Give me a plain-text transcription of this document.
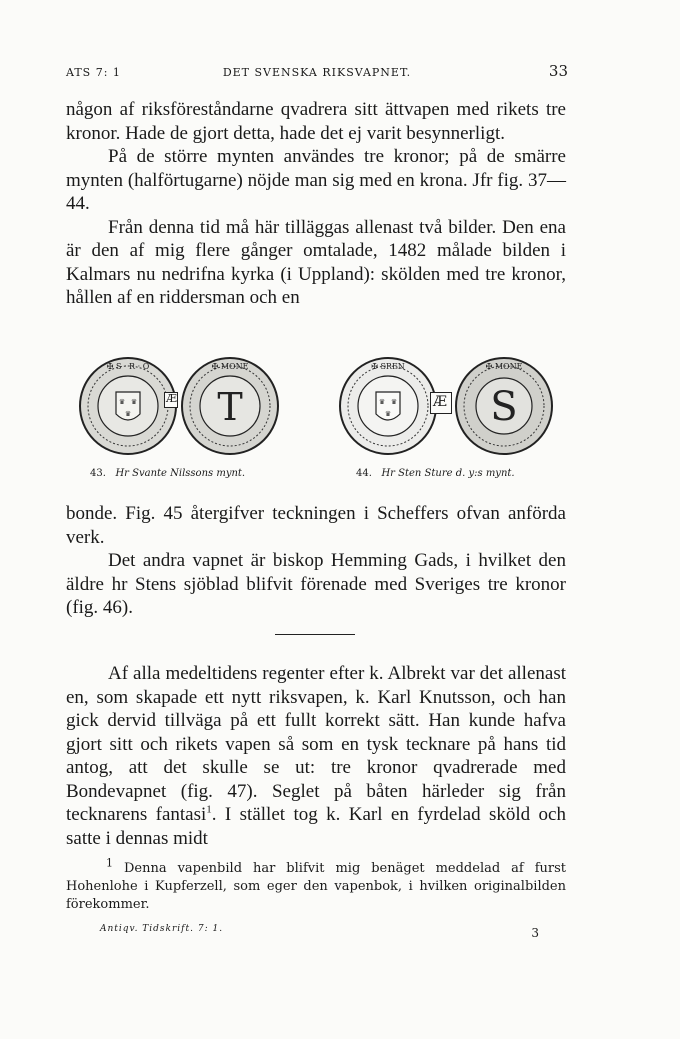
ATS 7: 1	DET SVENSKA RIKSVAPNET.	33

någon af riksföreståndarne qvadrera sitt ättvapen med rikets tre kronor. Hade de gjort detta, hade det ej varit besynnerligt.

På de större mynten användes tre kronor; på de smärre mynten (halförtugarne) nöjde man sig med en krona. Jfr fig. 37—44.

Från denna tid må här tilläggas allenast två bilder. Den ena är den af mig flere gånger omtalade, 1482 målade bilden i Kalmars nu nedrifna kyrka (i Uppland): skölden med tre kronor, hållen af en riddersman och en

♛ ♛
♛
✠ S · R · O
Æ T
✠ MONE
♛ ♛
♛
✠ SREN
Æ S
✠ MONE
43. Hr Svante Nilssons mynt.	44. Hr Sten Sture d. y:s mynt.

bonde. Fig. 45 återgifver teckningen i Scheffers ofvan anförda verk.

Det andra vapnet är biskop Hemming Gads, i hvilket den äldre hr Stens sjöblad blifvit förenade med Sveriges tre kronor (fig. 46).

Af alla medeltidens regenter efter k. Albrekt var det allenast en, som skapade ett nytt riksvapen, k. Karl Knutsson, och han gick dervid tillväga på ett fullt korrekt sätt. Han kunde hafva gjort sitt och rikets vapen så som en tysk tecknare på hans tid antog, att det skulle se ut: tre kronor qvadrerade med Bondevapnet (fig. 47). Seglet på båten härleder sig från tecknarens fantasi$^1$. I stället tog k. Karl en fyrdelad sköld och satte i dennas midt

$^1$ Denna vapenbild har blifvit mig benäget meddelad af furst Hohenlohe i Kupferzell, som eger den vapenbok, i hvilken originalbilden förekommer.

Antiqv. Tidskrift. 7: 1.	3
